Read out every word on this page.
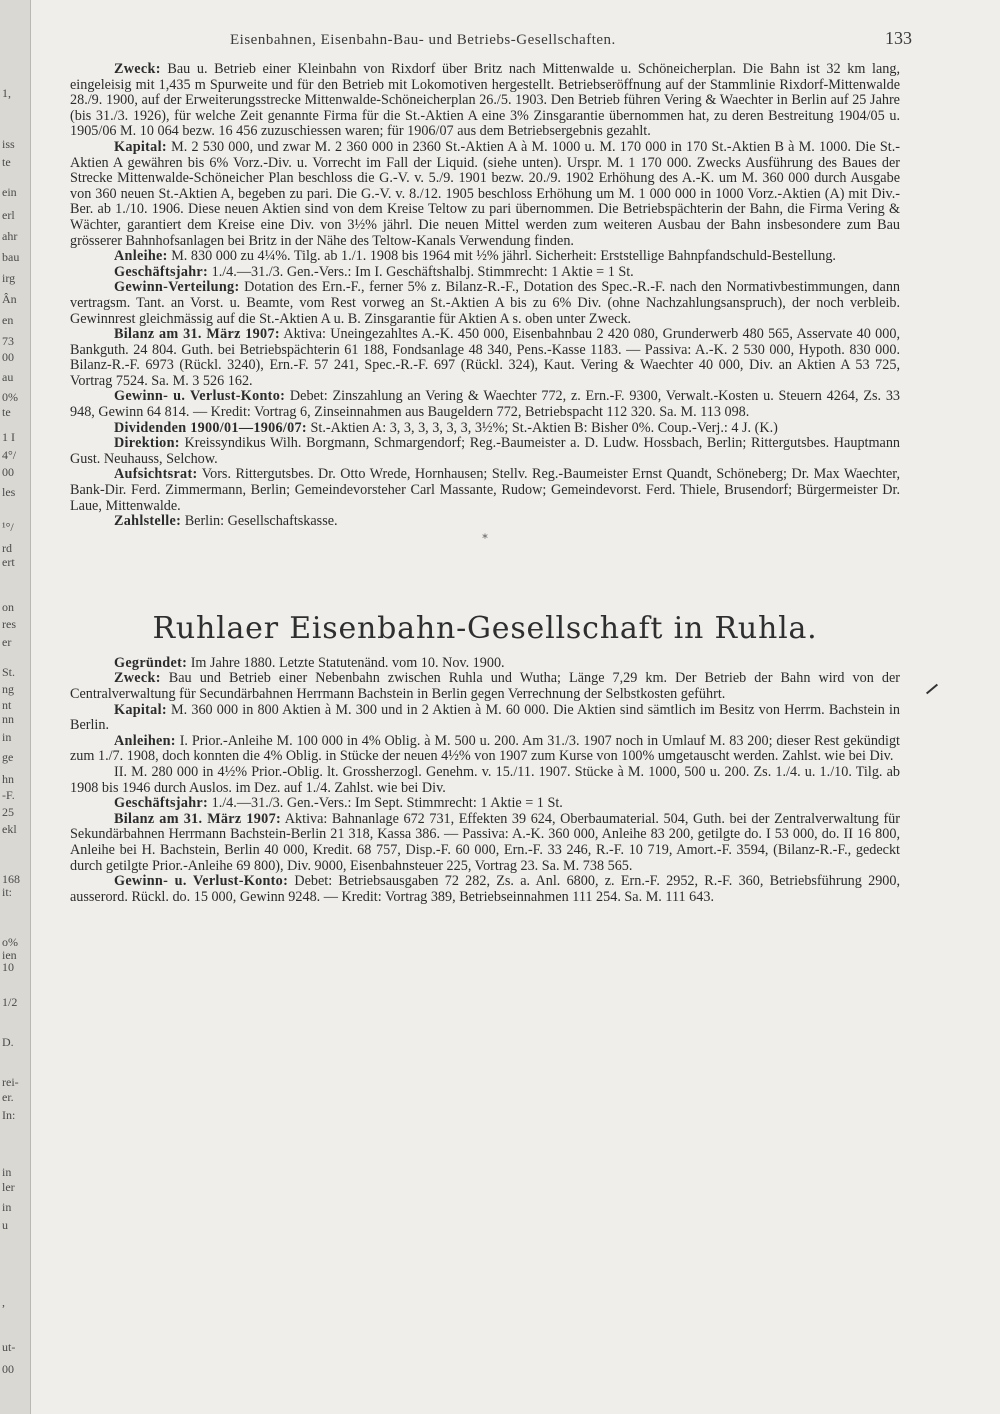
1,
iss
te
ein
erl
ahr
bau
irg
Ân
en
73
00
au
0%
te
1 I
4°/
00
les
¹°/
rd
ert
on
res
er
St.
ng
nt
nn
in
ge
hn
-F.
25
ekl
168
it:
ο%
ien
10
1/2
D.
rei-
er.
In:
in
ler
in
u
,
ut-
00
Eisenbahnen, Eisenbahn-Bau- und Betriebs-Gesellschaften.	133

Zweck: Bau u. Betrieb einer Kleinbahn von Rixdorf über Britz nach Mittenwalde u. Schöneicherplan. Die Bahn ist 32 km lang, eingeleisig mit 1,435 m Spurweite und für den Betrieb mit Lokomotiven hergestellt. Betriebseröffnung auf der Stammlinie Rixdorf-Mittenwalde 28./9. 1900, auf der Erweiterungsstrecke Mittenwalde-Schöneicherplan 26./5. 1903. Den Betrieb führen Vering & Waechter in Berlin auf 25 Jahre (bis 31./3. 1926), für welche Zeit genannte Firma für die St.-Aktien A eine 3% Zinsgarantie übernommen hat, zu deren Bestreitung 1904/05 u. 1905/06 M. 10 064 bezw. 16 456 zuzuschiessen waren; für 1906/07 aus dem Betriebsergebnis gezahlt.

Kapital: M. 2 530 000, und zwar M. 2 360 000 in 2360 St.-Aktien A à M. 1000 u. M. 170 000 in 170 St.-Aktien B à M. 1000. Die St.-Aktien A gewähren bis 6% Vorz.-Div. u. Vorrecht im Fall der Liquid. (siehe unten). Urspr. M. 1 170 000. Zwecks Ausführung des Baues der Strecke Mittenwalde-Schöneicher Plan beschloss die G.-V. v. 5./9. 1901 bezw. 20./9. 1902 Erhöhung des A.-K. um M. 360 000 durch Ausgabe von 360 neuen St.-Aktien A, begeben zu pari. Die G.-V. v. 8./12. 1905 beschloss Erhöhung um M. 1 000 000 in 1000 Vorz.-Aktien (A) mit Div.-Ber. ab 1./10. 1906. Diese neuen Aktien sind von dem Kreise Teltow zu pari übernommen. Die Betriebspächterin der Bahn, die Firma Vering & Wächter, garantiert dem Kreise eine Div. von 3½% jährl. Die neuen Mittel werden zum weiteren Ausbau der Bahn insbesondere zum Bau grösserer Bahnhofsanlagen bei Britz in der Nähe des Teltow-Kanals Verwendung finden.

Anleihe: M. 830 000 zu 4¼%. Tilg. ab 1./1. 1908 bis 1964 mit ½% jährl. Sicherheit: Erststellige Bahnpfandschuld-Bestellung.

Geschäftsjahr: 1./4.—31./3. Gen.-Vers.: Im I. Geschäftshalbj. Stimmrecht: 1 Aktie = 1 St.

Gewinn-Verteilung: Dotation des Ern.-F., ferner 5% z. Bilanz-R.-F., Dotation des Spec.-R.-F. nach den Normativbestimmungen, dann vertragsm. Tant. an Vorst. u. Beamte, vom Rest vorweg an St.-Aktien A bis zu 6% Div. (ohne Nachzahlungsanspruch), der noch verbleib. Gewinnrest gleichmässig auf die St.-Aktien A u. B. Zinsgarantie für Aktien A s. oben unter Zweck.

Bilanz am 31. März 1907: Aktiva: Uneingezahltes A.-K. 450 000, Eisenbahnbau 2 420 080, Grunderwerb 480 565, Asservate 40 000, Bankguth. 24 804. Guth. bei Betriebspächterin 61 188, Fondsanlage 48 340, Pens.-Kasse 1183. — Passiva: A.-K. 2 530 000, Hypoth. 830 000. Bilanz-R.-F. 6973 (Rückl. 3240), Ern.-F. 57 241, Spec.-R.-F. 697 (Rückl. 324), Kaut. Vering & Waechter 40 000, Div. an Aktien A 53 725, Vortrag 7524. Sa. M. 3 526 162.

Gewinn- u. Verlust-Konto: Debet: Zinszahlung an Vering & Waechter 772, z. Ern.-F. 9300, Verwalt.-Kosten u. Steuern 4264, Zs. 33 948, Gewinn 64 814. — Kredit: Vortrag 6, Zinseinnahmen aus Baugeldern 772, Betriebspacht 112 320. Sa. M. 113 098.

Dividenden 1900/01—1906/07: St.-Aktien A: 3, 3, 3, 3, 3, 3, 3½%; St.-Aktien B: Bisher 0%. Coup.-Verj.: 4 J. (K.)

Direktion: Kreissyndikus Wilh. Borgmann, Schmargendorf; Reg.-Baumeister a. D. Ludw. Hossbach, Berlin; Rittergutsbes. Hauptmann Gust. Neuhauss, Selchow.

Aufsichtsrat: Vors. Rittergutsbes. Dr. Otto Wrede, Hornhausen; Stellv. Reg.-Baumeister Ernst Quandt, Schöneberg; Dr. Max Waechter, Bank-Dir. Ferd. Zimmermann, Berlin; Gemeindevorsteher Carl Massante, Rudow; Gemeindevorst. Ferd. Thiele, Brusendorf; Bürgermeister Dr. Laue, Mittenwalde.

Zahlstelle: Berlin: Gesellschaftskasse.

*
Ruhlaer Eisenbahn-Gesellschaft in Ruhla.

Gegründet: Im Jahre 1880. Letzte Statutenänd. vom 10. Nov. 1900.

Zweck: Bau und Betrieb einer Nebenbahn zwischen Ruhla und Wutha; Länge 7,29 km. Der Betrieb der Bahn wird von der Centralverwaltung für Secundärbahnen Herrmann Bachstein in Berlin gegen Verrechnung der Selbstkosten geführt.

Kapital: M. 360 000 in 800 Aktien à M. 300 und in 2 Aktien à M. 60 000. Die Aktien sind sämtlich im Besitz von Herrm. Bachstein in Berlin.

Anleihen: I. Prior.-Anleihe M. 100 000 in 4% Oblig. à M. 500 u. 200. Am 31./3. 1907 noch in Umlauf M. 83 200; dieser Rest gekündigt zum 1./7. 1908, doch konnten die 4% Oblig. in Stücke der neuen 4½% von 1907 zum Kurse von 100% umgetauscht werden. Zahlst. wie bei Div.

II. M. 280 000 in 4½% Prior.-Oblig. lt. Grossherzogl. Genehm. v. 15./11. 1907. Stücke à M. 1000, 500 u. 200. Zs. 1./4. u. 1./10. Tilg. ab 1908 bis 1946 durch Auslos. im Dez. auf 1./4. Zahlst. wie bei Div.

Geschäftsjahr: 1./4.—31./3. Gen.-Vers.: Im Sept. Stimmrecht: 1 Aktie = 1 St.

Bilanz am 31. März 1907: Aktiva: Bahnanlage 672 731, Effekten 39 624, Oberbaumaterial. 504, Guth. bei der Zentralverwaltung für Sekundärbahnen Herrmann Bachstein-Berlin 21 318, Kassa 386. — Passiva: A.-K. 360 000, Anleihe 83 200, getilgte do. I 53 000, do. II 16 800, Anleihe bei H. Bachstein, Berlin 40 000, Kredit. 68 757, Disp.-F. 60 000, Ern.-F. 33 246, R.-F. 10 719, Amort.-F. 3594, (Bilanz-R.-F., gedeckt durch getilgte Prior.-Anleihe 69 800), Div. 9000, Eisenbahnsteuer 225, Vortrag 23. Sa. M. 738 565.

Gewinn- u. Verlust-Konto: Debet: Betriebsausgaben 72 282, Zs. a. Anl. 6800, z. Ern.-F. 2952, R.-F. 360, Betriebsführung 2900, ausserord. Rückl. do. 15 000, Gewinn 9248. — Kredit: Vortrag 389, Betriebseinnahmen 111 254. Sa. M. 111 643.
